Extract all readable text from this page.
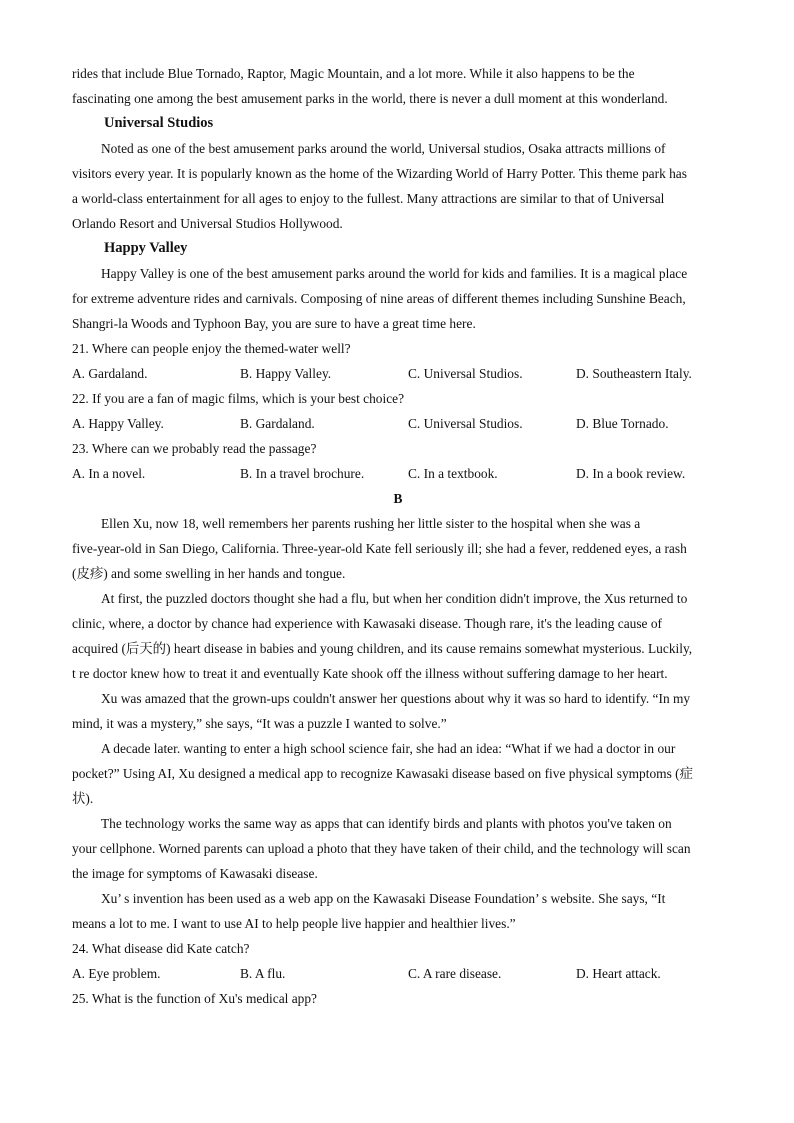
rides that include Blue Tornado, Raptor, Magic Mountain, and a lot more. While it also happens to be the
fascinating one among the best amusement parks in the world, there is never a dull moment at this wonderland.
Universal Studios
Noted as one of the best amusement parks around the world, Universal studios, Osaka attracts millions of
visitors every year. It is popularly known as the home of the Wizarding World of Harry Potter. This theme park has
a world-class entertainment for all ages to enjoy to the fullest. Many attractions are similar to that of Universal
Orlando Resort and Universal Studios Hollywood.
Happy Valley
Happy Valley is one of the best amusement parks around the world for kids and families. It is a magical place
for extreme adventure rides and carnivals. Composing of nine areas of different themes including Sunshine Beach,
Shangri-la Woods and Typhoon Bay, you are sure to have a great time here.
21. Where can people enjoy the themed-water well?
A. Gardaland.	B. Happy Valley.	C. Universal Studios.	D. Southeastern Italy.
22. If you are a fan of magic films, which is your best choice?
A. Happy Valley.	B. Gardaland.	C. Universal Studios.	D. Blue Tornado.
23. Where can we probably read the passage?
A. In a novel.	B. In a travel brochure.	C. In a textbook.	D. In a book review.
B
Ellen Xu, now 18, well remembers her parents rushing her little sister to the hospital when she was a
five-year-old in San Diego, California. Three-year-old Kate fell seriously ill; she had a fever, reddened eyes, a rash
(皮疹) and some swelling in her hands and tongue.
At first, the puzzled doctors thought she had a flu, but when her condition didn't improve, the Xus returned to
clinic, where, a doctor by chance had experience with Kawasaki disease. Though rare, it's the leading cause of
acquired (后天的) heart disease in babies and young children, and its cause remains somewhat mysterious. Luckily,
t re doctor knew how to treat it and eventually Kate shook off the illness without suffering damage to her heart.
Xu was amazed that the grown-ups couldn't answer her questions about why it was so hard to identify. “In my
mind, it was a mystery,” she says, “It was a puzzle I wanted to solve.”
A decade later. wanting to enter a high school science fair, she had an idea: “What if we had a doctor in our
pocket?” Using AI, Xu designed a medical app to recognize Kawasaki disease based on five physical symptoms (症
状).
The technology works the same way as apps that can identify birds and plants with photos you've taken on
your cellphone. Worned parents can upload a photo that they have taken of their child, and the technology will scan
the image for symptoms of Kawasaki disease.
Xu’ s invention has been used as a web app on the Kawasaki Disease Foundation’ s website. She says, “It
means a lot to me. I want to use AI to help people live happier and healthier lives.”
24. What disease did Kate catch?
A. Eye problem.	B. A flu.	C. A rare disease.	D. Heart attack.
25. What is the function of Xu's medical app?
